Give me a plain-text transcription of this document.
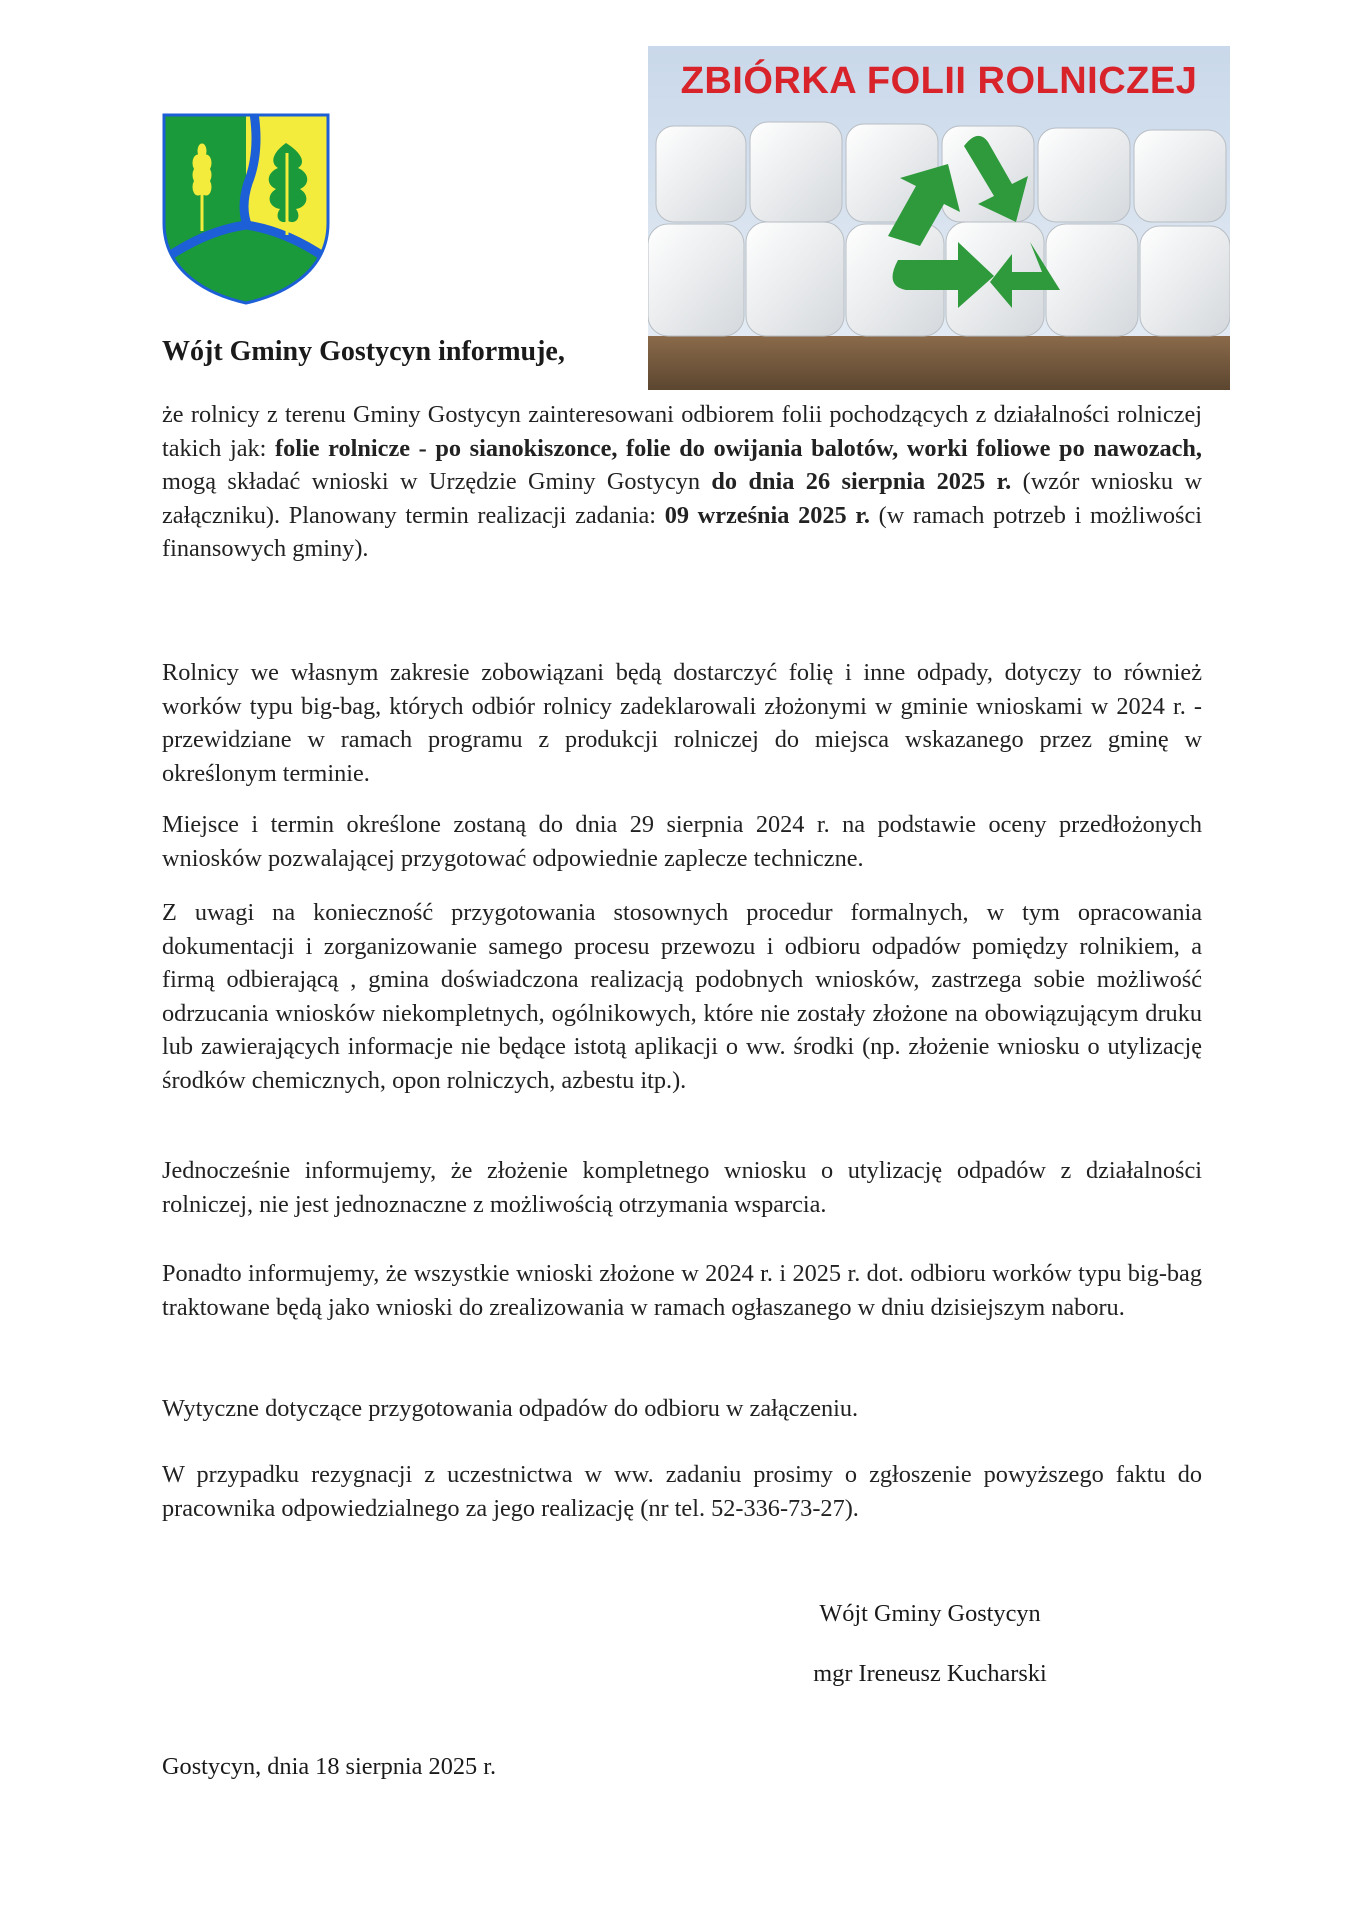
ZBIÓRKA FOLII ROLNICZEJ
Wójt Gminy Gostycyn informuje,

że rolnicy z terenu Gminy Gostycyn zainteresowani odbiorem folii pochodzących z działalności rolniczej takich jak: folie rolnicze - po sianokiszonce, folie do owijania balotów, worki foliowe po nawozach, mogą składać wnioski w Urzędzie Gminy Gostycyn do dnia 26 sierpnia 2025 r. (wzór wniosku w załączniku). Planowany termin realizacji zadania: 09 września 2025 r. (w ramach potrzeb i możliwości finansowych gminy).

Rolnicy we własnym zakresie zobowiązani będą dostarczyć folię i inne odpady, dotyczy to również worków typu big-bag, których odbiór rolnicy zadeklarowali złożonymi w gminie wnioskami w 2024 r. - przewidziane w ramach programu z produkcji rolniczej do miejsca wskazanego przez gminę w określonym terminie.

Miejsce i termin określone zostaną do dnia 29 sierpnia 2024 r. na podstawie oceny przedłożonych wniosków pozwalającej przygotować odpowiednie zaplecze techniczne.

Z uwagi na konieczność przygotowania stosownych procedur formalnych, w tym opracowania dokumentacji i zorganizowanie samego procesu przewozu i odbioru odpadów pomiędzy rolnikiem, a firmą odbierającą , gmina doświadczona realizacją podobnych wniosków, zastrzega sobie możliwość odrzucania wniosków niekompletnych, ogólnikowych, które nie zostały złożone na obowiązującym druku lub zawierających informacje nie będące istotą aplikacji o ww. środki (np. złożenie wniosku o utylizację środków chemicznych, opon rolniczych, azbestu itp.).

Jednocześnie informujemy, że złożenie kompletnego wniosku o utylizację odpadów z działalności rolniczej, nie jest jednoznaczne z możliwością otrzymania wsparcia.

Ponadto informujemy, że wszystkie wnioski złożone w 2024 r. i 2025 r. dot. odbioru worków typu big-bag traktowane będą jako wnioski do zrealizowania w ramach ogłaszanego w dniu dzisiejszym naboru.

Wytyczne dotyczące przygotowania odpadów do odbioru w załączeniu.

W przypadku rezygnacji z uczestnictwa w ww. zadaniu prosimy o zgłoszenie powyższego faktu do pracownika odpowiedzialnego za jego realizację (nr tel. 52-336-73-27).

Wójt Gminy Gostycyn
mgr Ireneusz Kucharski
Gostycyn, dnia 18 sierpnia 2025 r.
